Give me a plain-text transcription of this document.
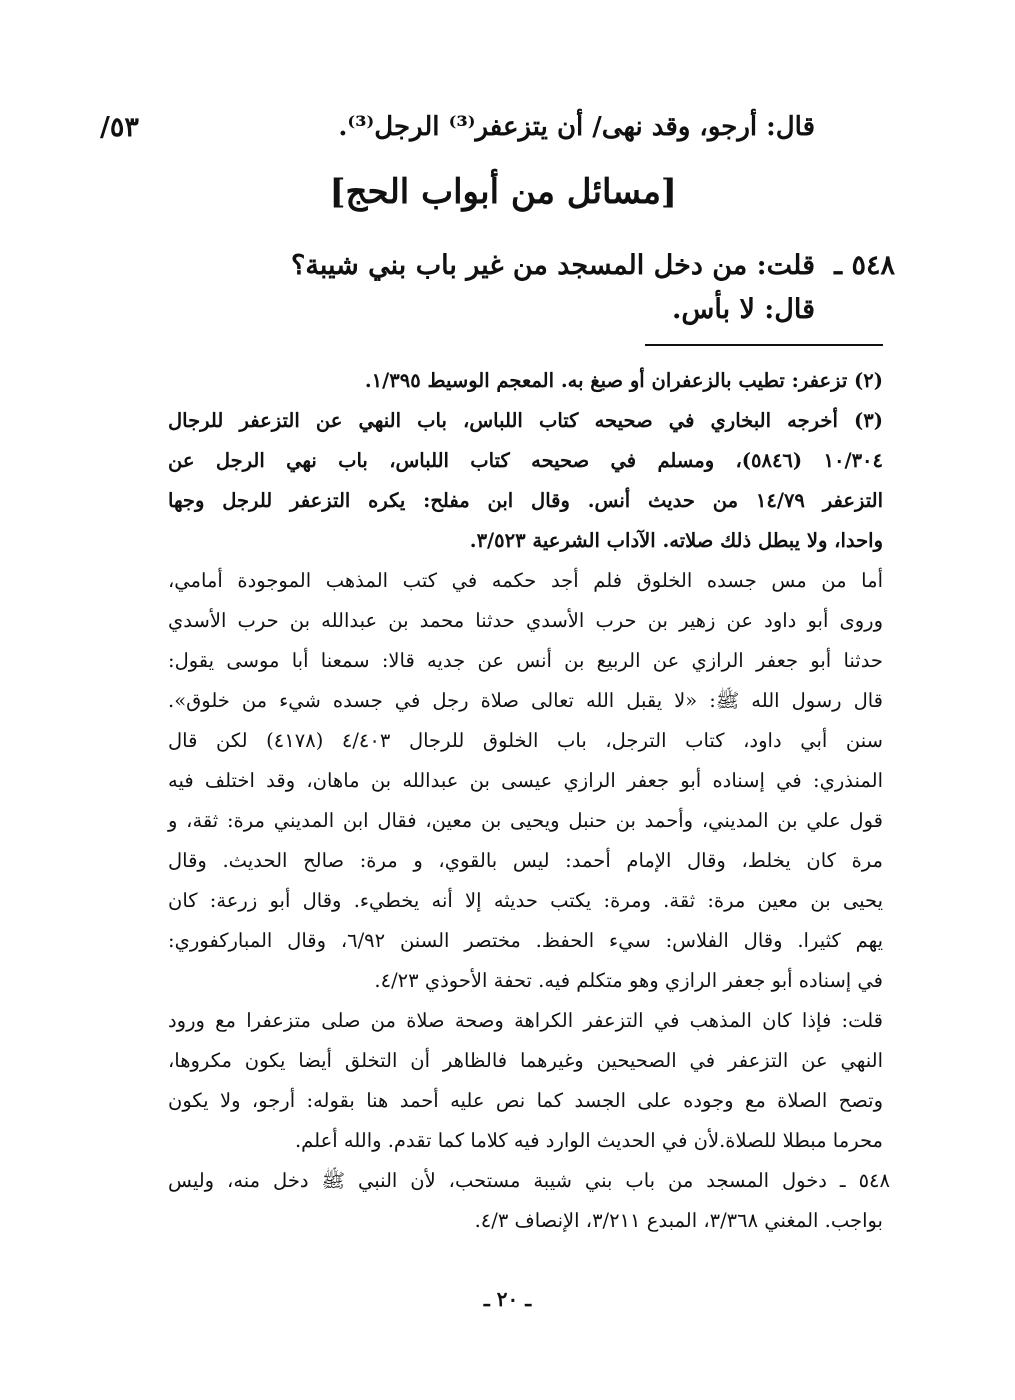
٥٣/	قال: أرجو، وقد نهى/ أن يتزعفر⁽³⁾ الرجل⁽³⁾.
[مسائل من أبواب الحج]
٥٤٨ ـ
قلت: من دخل المسجد من غير باب بني شيبة؟
قال: لا بأس.
(٢) تزعفر: تطيب بالزعفران أو صبغ به. المعجم الوسيط ١/٣٩٥.
(٣) أخرجه البخاري في صحيحه كتاب اللباس، باب النهي عن التزعفر للرجال
١٠/٣٠٤ (٥٨٤٦)، ومسلم في صحيحه كتاب اللباس، باب نهي الرجل عن
التزعفر ١٤/٧٩ من حديث أنس. وقال ابن مفلح: يكره التزعفر للرجل وجها
واحدا، ولا يبطل ذلك صلاته. الآداب الشرعية ٣/٥٢٣.
أما من مس جسده الخلوق فلم أجد حكمه في كتب المذهب الموجودة أمامي،
وروى أبو داود عن زهير بن حرب الأسدي حدثنا محمد بن عبدالله بن حرب الأسدي
حدثنا أبو جعفر الرازي عن الربيع بن أنس عن جديه قالا: سمعنا أبا موسى يقول:
قال رسول الله ﷺ: «لا يقبل الله تعالى صلاة رجل في جسده شيء من خلوق».
سنن أبي داود، كتاب الترجل، باب الخلوق للرجال ٤/٤٠٣ (٤١٧٨) لكن قال
المنذري: في إسناده أبو جعفر الرازي عيسى بن عبدالله بن ماهان، وقد اختلف فيه
قول علي بن المديني، وأحمد بن حنبل ويحيى بن معين، فقال ابن المديني مرة: ثقة، و
مرة كان يخلط، وقال الإمام أحمد: ليس بالقوي، و مرة: صالح الحديث. وقال
يحيى بن معين مرة: ثقة. ومرة: يكتب حديثه إلا أنه يخطيء. وقال أبو زرعة: كان
يهم كثيرا. وقال الفلاس: سيء الحفظ. مختصر السنن ٦/٩٢، وقال المباركفوري:
في إسناده أبو جعفر الرازي وهو متكلم فيه. تحفة الأحوذي ٤/٢٣.
قلت: فإذا كان المذهب في التزعفر الكراهة وصحة صلاة من صلى متزعفرا مع ورود
النهي عن التزعفر في الصحيحين وغيرهما فالظاهر أن التخلق أيضا يكون مكروها،
وتصح الصلاة مع وجوده على الجسد كما نص عليه أحمد هنا بقوله: أرجو، ولا يكون
محرما مبطلا للصلاة.لأن في الحديث الوارد فيه كلاما كما تقدم. والله أعلم.
٥٤٨ ـ دخول المسجد من باب بني شيبة مستحب، لأن النبي ﷺ دخل منه، وليس
بواجب. المغني ٣/٣٦٨، المبدع ٣/٢١١، الإنصاف ٤/٣.
ـ ٢٠ ـ
